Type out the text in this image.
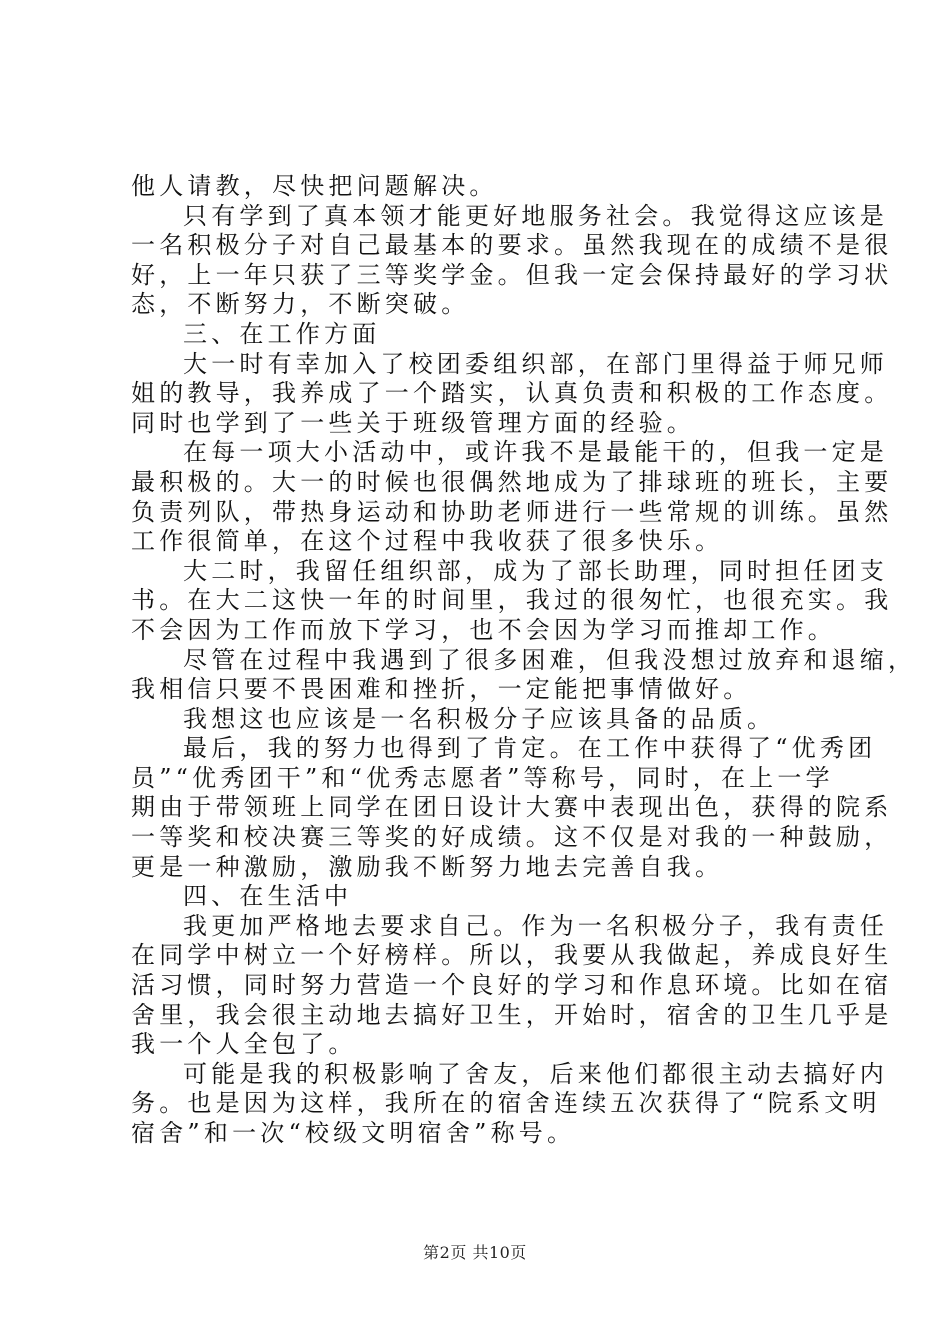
他人请教，尽快把问题解决。
只有学到了真本领才能更好地服务社会。我觉得这应该是
一名积极分子对自己最基本的要求。虽然我现在的成绩不是很
好，上一年只获了三等奖学金。但我一定会保持最好的学习状
态，不断努力，不断突破。
三、在工作方面
大一时有幸加入了校团委组织部，在部门里得益于师兄师
姐的教导，我养成了一个踏实，认真负责和积极的工作态度。
同时也学到了一些关于班级管理方面的经验。
在每一项大小活动中，或许我不是最能干的，但我一定是
最积极的。大一的时候也很偶然地成为了排球班的班长，主要
负责列队，带热身运动和协助老师进行一些常规的训练。虽然
工作很简单，在这个过程中我收获了很多快乐。
大二时，我留任组织部，成为了部长助理，同时担任团支
书。在大二这快一年的时间里，我过的很匆忙，也很充实。我
不会因为工作而放下学习，也不会因为学习而推却工作。
尽管在过程中我遇到了很多困难，但我没想过放弃和退缩，
我相信只要不畏困难和挫折，一定能把事情做好。
我想这也应该是一名积极分子应该具备的品质。
最后，我的努力也得到了肯定。在工作中获得了“优秀团
员”“优秀团干”和“优秀志愿者”等称号，同时，在上一学
期由于带领班上同学在团日设计大赛中表现出色，获得的院系
一等奖和校决赛三等奖的好成绩。这不仅是对我的一种鼓励，
更是一种激励，激励我不断努力地去完善自我。
四、在生活中
我更加严格地去要求自己。作为一名积极分子，我有责任
在同学中树立一个好榜样。所以，我要从我做起，养成良好生
活习惯，同时努力营造一个良好的学习和作息环境。比如在宿
舍里，我会很主动地去搞好卫生，开始时，宿舍的卫生几乎是
我一个人全包了。
可能是我的积极影响了舍友，后来他们都很主动去搞好内
务。也是因为这样，我所在的宿舍连续五次获得了“院系文明
宿舍”和一次“校级文明宿舍”称号。
第2页 共10页
